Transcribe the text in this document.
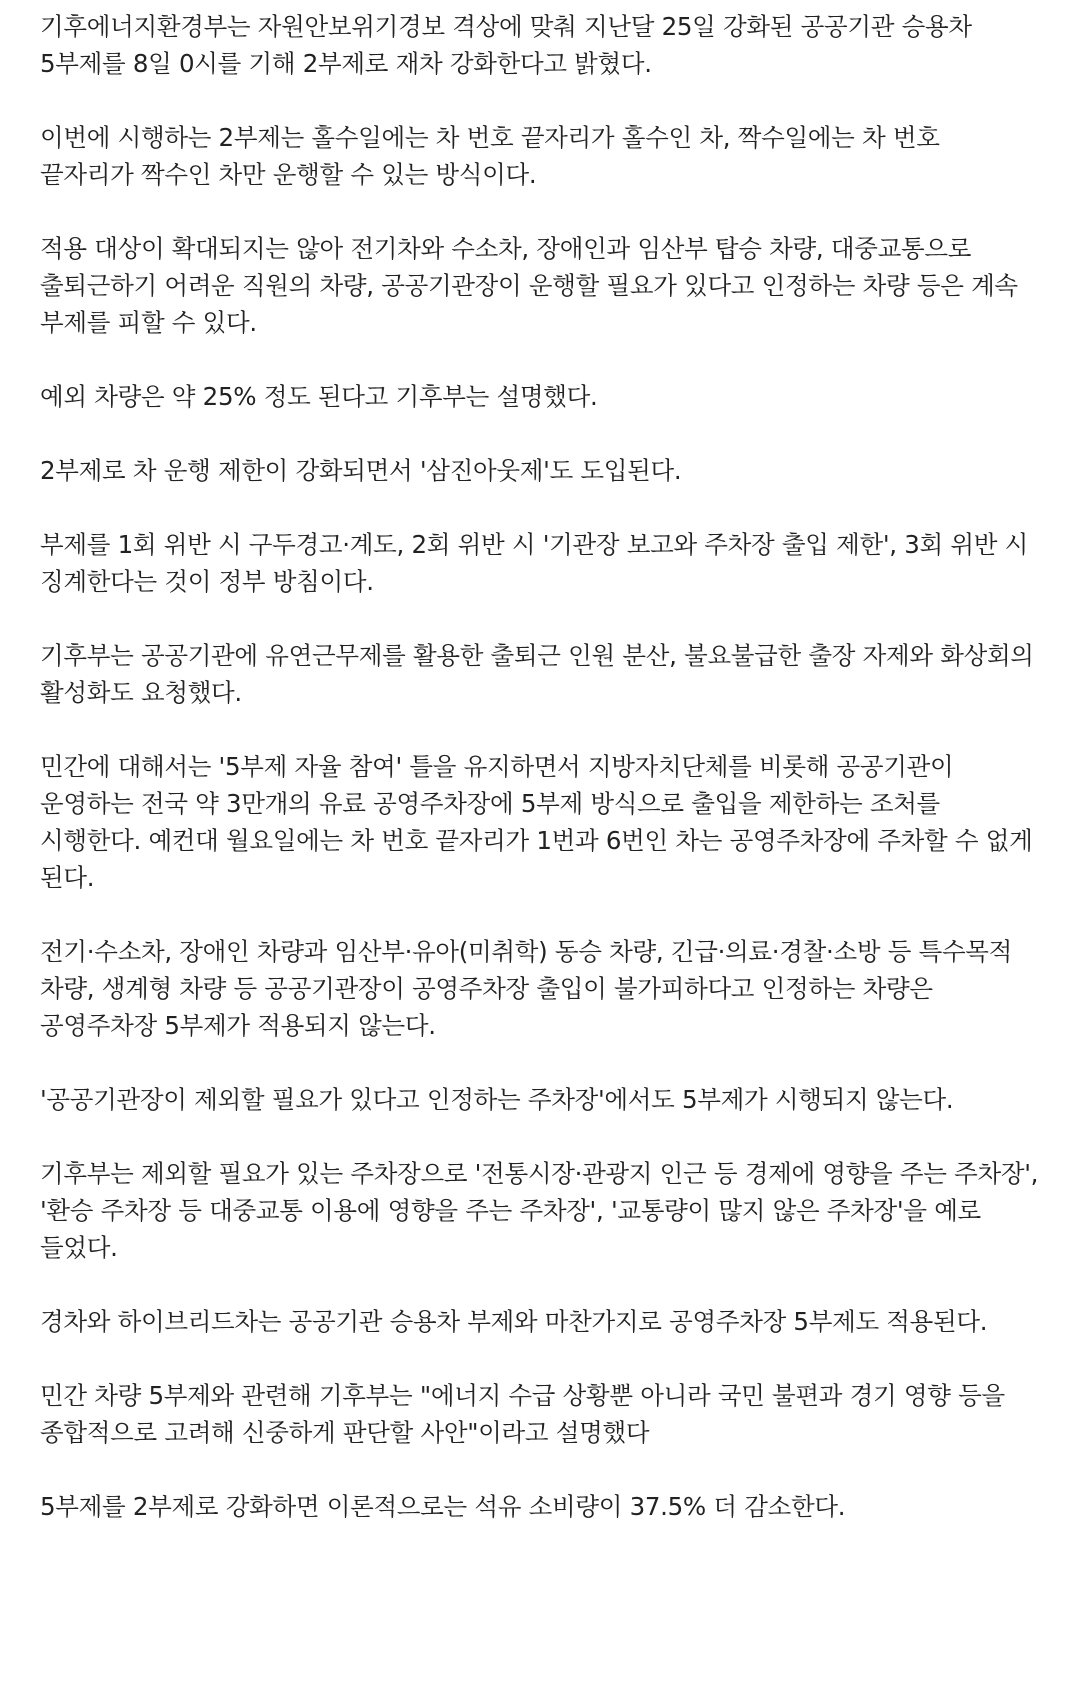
기후에너지환경부는 자원안보위기경보 격상에 맞춰 지난달 25일 강화된 공공기관 승용차 5부제를 8일 0시를 기해 2부제로 재차 강화한다고 밝혔다.

이번에 시행하는 2부제는 홀수일에는 차 번호 끝자리가 홀수인 차, 짝수일에는 차 번호 끝자리가 짝수인 차만 운행할 수 있는 방식이다.

적용 대상이 확대되지는 않아 전기차와 수소차, 장애인과 임산부 탑승 차량, 대중교통으로 출퇴근하기 어려운 직원의 차량, 공공기관장이 운행할 필요가 있다고 인정하는 차량 등은 계속 부제를 피할 수 있다.

예외 차량은 약 25% 정도 된다고 기후부는 설명했다.

2부제로 차 운행 제한이 강화되면서 '삼진아웃제'도 도입된다.

부제를 1회 위반 시 구두경고·계도, 2회 위반 시 '기관장 보고와 주차장 출입 제한', 3회 위반 시 징계한다는 것이 정부 방침이다.

기후부는 공공기관에 유연근무제를 활용한 출퇴근 인원 분산, 불요불급한 출장 자제와 화상회의 활성화도 요청했다.

민간에 대해서는 '5부제 자율 참여' 틀을 유지하면서 지방자치단체를 비롯해 공공기관이 운영하는 전국 약 3만개의 유료 공영주차장에 5부제 방식으로 출입을 제한하는 조처를 시행한다. 예컨대 월요일에는 차 번호 끝자리가 1번과 6번인 차는 공영주차장에 주차할 수 없게 된다.

전기·수소차, 장애인 차량과 임산부·유아(미취학) 동승 차량, 긴급·의료·경찰·소방 등 특수목적 차량, 생계형 차량 등 공공기관장이 공영주차장 출입이 불가피하다고 인정하는 차량은 공영주차장 5부제가 적용되지 않는다.

'공공기관장이 제외할 필요가 있다고 인정하는 주차장'에서도 5부제가 시행되지 않는다.

기후부는 제외할 필요가 있는 주차장으로 '전통시장·관광지 인근 등 경제에 영향을 주는 주차장', '환승 주차장 등 대중교통 이용에 영향을 주는 주차장', '교통량이 많지 않은 주차장'을 예로 들었다.

경차와 하이브리드차는 공공기관 승용차 부제와 마찬가지로 공영주차장 5부제도 적용된다.

민간 차량 5부제와 관련해 기후부는 "에너지 수급 상황뿐 아니라 국민 불편과 경기 영향 등을 종합적으로 고려해 신중하게 판단할 사안"이라고 설명했다

5부제를 2부제로 강화하면 이론적으로는 석유 소비량이 37.5% 더 감소한다.
